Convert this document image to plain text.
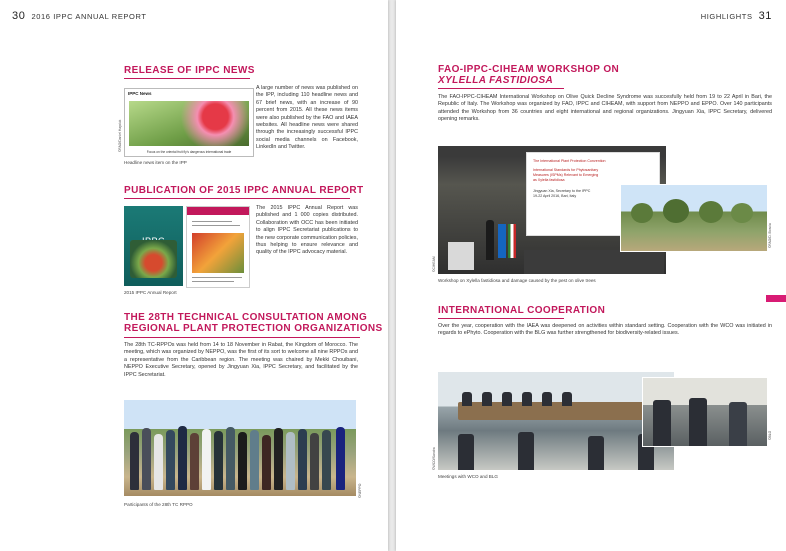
30 2016 IPPC ANNUAL REPORT
RELEASE OF IPPC NEWS
IPPC News
Focus on the oriental fruit fly's dangerous international trade
©FAO/Daniel Hayduk
Headline news item on the IPP
A large number of news was published on the IPP, including 110 headline news and 67 brief news, with an increase of 90 percent from 2015. All these news items were also published by the FAO and IAEA websites. All headline news were shared through the increasingly successful IPPC social media channels on Facebook, LinkedIn and Twitter.
PUBLICATION OF 2015 IPPC ANNUAL REPORT
2015 IPPC Annual Report
The 2015 IPPC Annual Report was published and 1 000 copies distributed. Collaboration with OCC has been initiated to align IPPC Secretariat publications to the new corporate communication policies, thus helping to ensure relevance and quality of the IPPC advocacy material.
THE 28TH TECHNICAL CONSULTATION AMONG
REGIONAL PLANT PROTECTION ORGANIZATIONS
The 28th TC-RPPOs was held from 14 to 18 November in Rabat, the Kingdom of Morocco. The meeting, which was organized by NEPPO, was the first of its sort to welcome all nine RPPOs and a representative from the Caribbean region. The meeting was chaired by Mekki Chouibani, NEPPO Executive Secretary, opened by Jingyuan Xia, IPPC Secretary, and facilitated by the IPPC Secretariat.
©NEPPO
Participants of the 28th TC RPPO
HIGHLIGHTS 31
FAO-IPPC-CIHEAM WORKSHOP ON
XYLELLA FASTIDIOSA
The FAO-IPPC-CIHEAM International Workshop on Olive Quick Decline Syndrome was succesfully held from 19 to 22 April in Bari, the Republic of Italy. The Workshop was organized by FAO, IPPC and CIHEAM, with support from NEPPO and EPPO. Over 140 participants attended the Workshop from 36 countries and eight international and regional organizations. Jingyuan Xia, IPPC Secretary, delivered opening remarks.
The International Plant Protection Convention
International Standards for Phytosanitary
Measures (ISPMs) Relevant to Emerging
as Xylella fastidiosa
Jingyuan Xia, Secretary to the IPPC
19-22 April 2016, Bari, Italy
©CIHEAM
©FAO/D. Boscia
Workshop on Xylella fastidiosa and damage caused by the pest on olive trees
INTERNATIONAL COOPERATION
Over the year, cooperation with the IAEA was deepened on activities within standard setting. Cooperation with the WCO was initiated in regards to ePhyto. Cooperation with the BLG was further strengthened for biodiversity-related issues.
©WCO/Sandra
©BLG
Meetings with WCO and BLG
